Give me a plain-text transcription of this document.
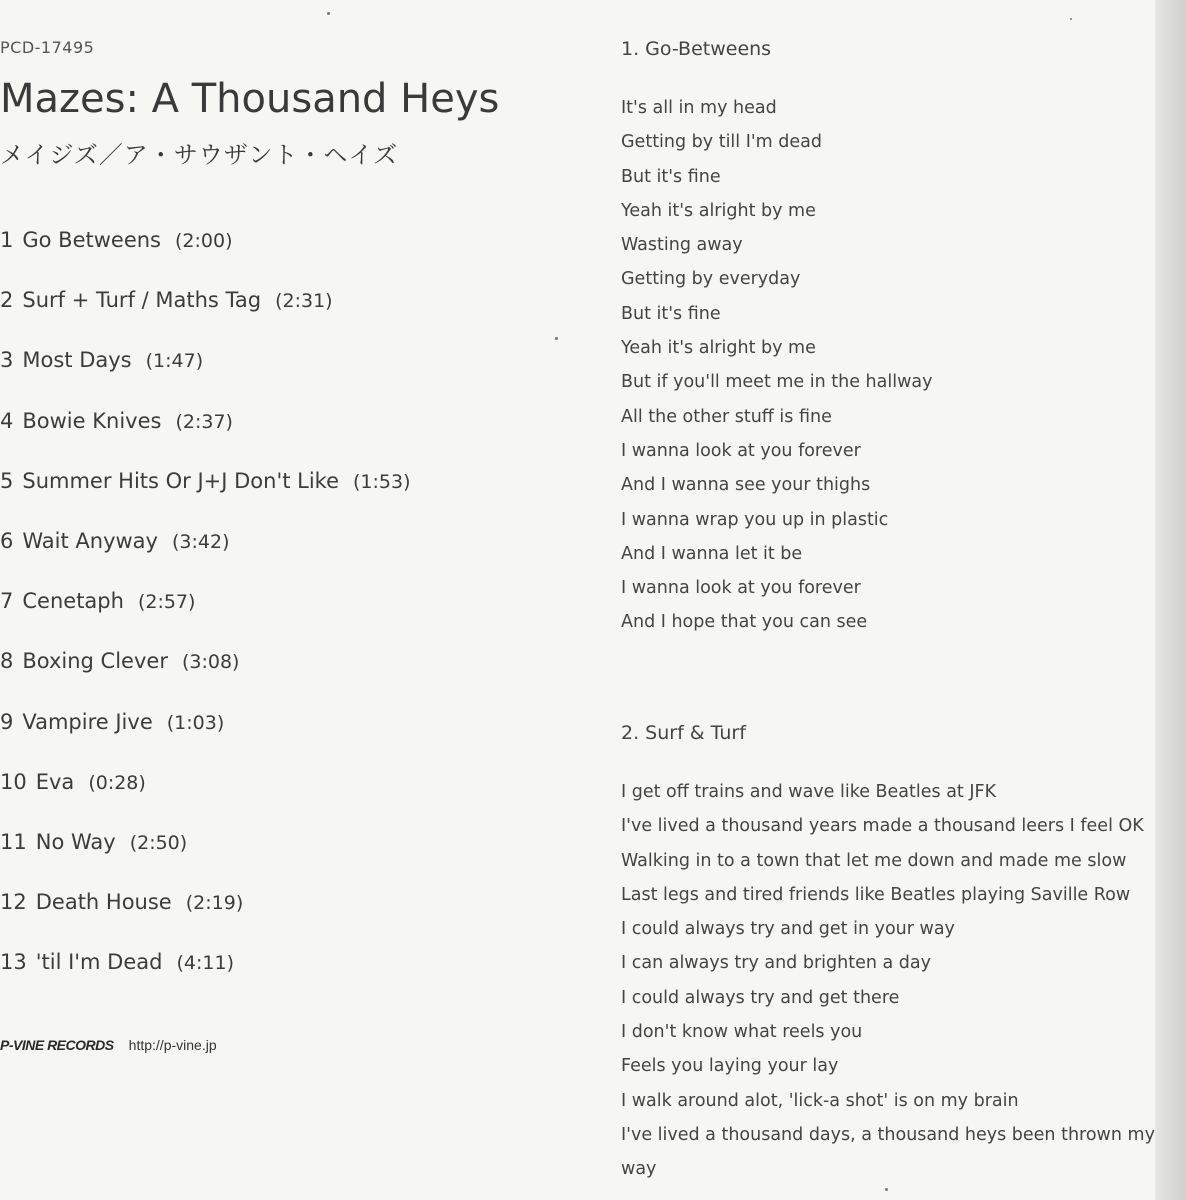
PCD-17495
Mazes: A Thousand Heys
メイジズ／ア・サウザント・ヘイズ
1 Go Betweens (2:00)
2 Surf + Turf / Maths Tag (2:31)
3 Most Days (1:47)
4 Bowie Knives (2:37)
5 Summer Hits Or J+J Don't Like (1:53)
6 Wait Anyway (3:42)
7 Cenetaph (2:57)
8 Boxing Clever (3:08)
9 Vampire Jive (1:03)
10 Eva (0:28)
11 No Way (2:50)
12 Death House (2:19)
13 'til I'm Dead (4:11)
P-VINE RECORDS http://p-vine.jp
1. Go-Betweens
It's all in my head
Getting by till I'm dead
But it's fine
Yeah it's alright by me
Wasting away
Getting by everyday
But it's fine
Yeah it's alright by me
But if you'll meet me in the hallway
All the other stuff is fine
I wanna look at you forever
And I wanna see your thighs
I wanna wrap you up in plastic
And I wanna let it be
I wanna look at you forever
And I hope that you can see
2. Surf & Turf
I get off trains and wave like Beatles at JFK
I've lived a thousand years made a thousand leers I feel OK
Walking in to a town that let me down and made me slow
Last legs and tired friends like Beatles playing Saville Row
I could always try and get in your way
I can always try and brighten a day
I could always try and get there
I don't know what reels you
Feels you laying your lay
I walk around alot, 'lick-a shot' is on my brain
I've lived a thousand days, a thousand heys been thrown my
way
